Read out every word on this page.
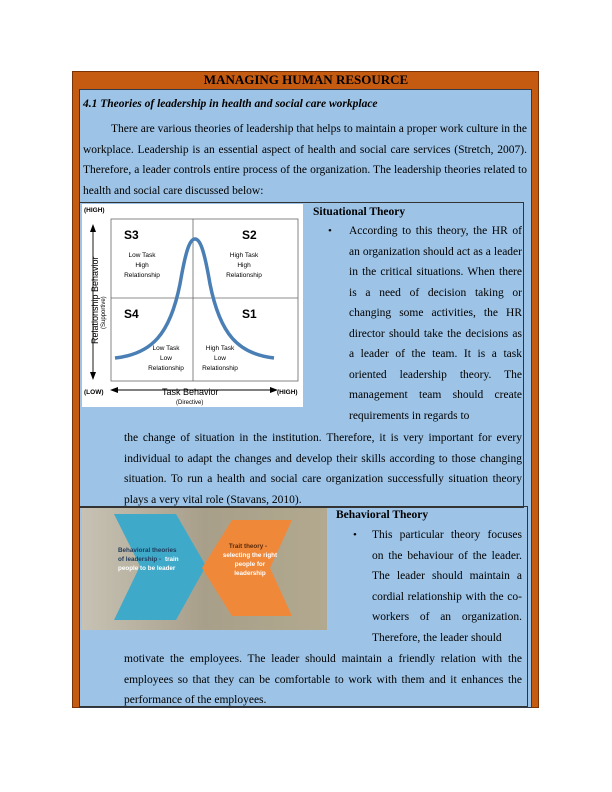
MANAGING HUMAN RESOURCE
4.1 Theories of leadership in health and social care workplace

There are various theories of leadership that helps to maintain a proper work culture in the workplace. Leadership is an essential aspect of health and social care services (Stretch, 2007). Therefore, a leader controls entire process of the organization. The leadership theories related to health and social care discussed below:

(HIGH)
(LOW)	(HIGH)
Relationship Behavior (Supportive)
Task Behavior
(Directive)
S3	S2
S4	S1
Low Task
High
Relationship
High Task
High
Relationship
Low Task
Low
Relationship
High Task
Low
Relationship
Situational Theory
• According to this theory, the HR of an organization should act as a leader in the critical situations. When there is a need of decision taking or changing some activities, the HR director should take the decisions as a leader of the team. It is a task oriented leadership theory. The management team should create requirements in regards to

the change of situation in the institution. Therefore, it is very important for every individual to adapt the changes and develop their skills according to those changing situation. To run a health and social care organization successfully situation theory plays a very vital role (Stavans, 2010).

Behavioral theories
of leadership - train
people to be leader
Trait theory -
selecting the right
people for
leadership
Behavioral Theory
• This particular theory focuses on the behaviour of the leader. The leader should maintain a cordial relationship with the co-workers of an organization. Therefore, the leader should

motivate the employees. The leader should maintain a friendly relation with the employees so that they can be comfortable to work with them and it enhances the performance of the employees.
